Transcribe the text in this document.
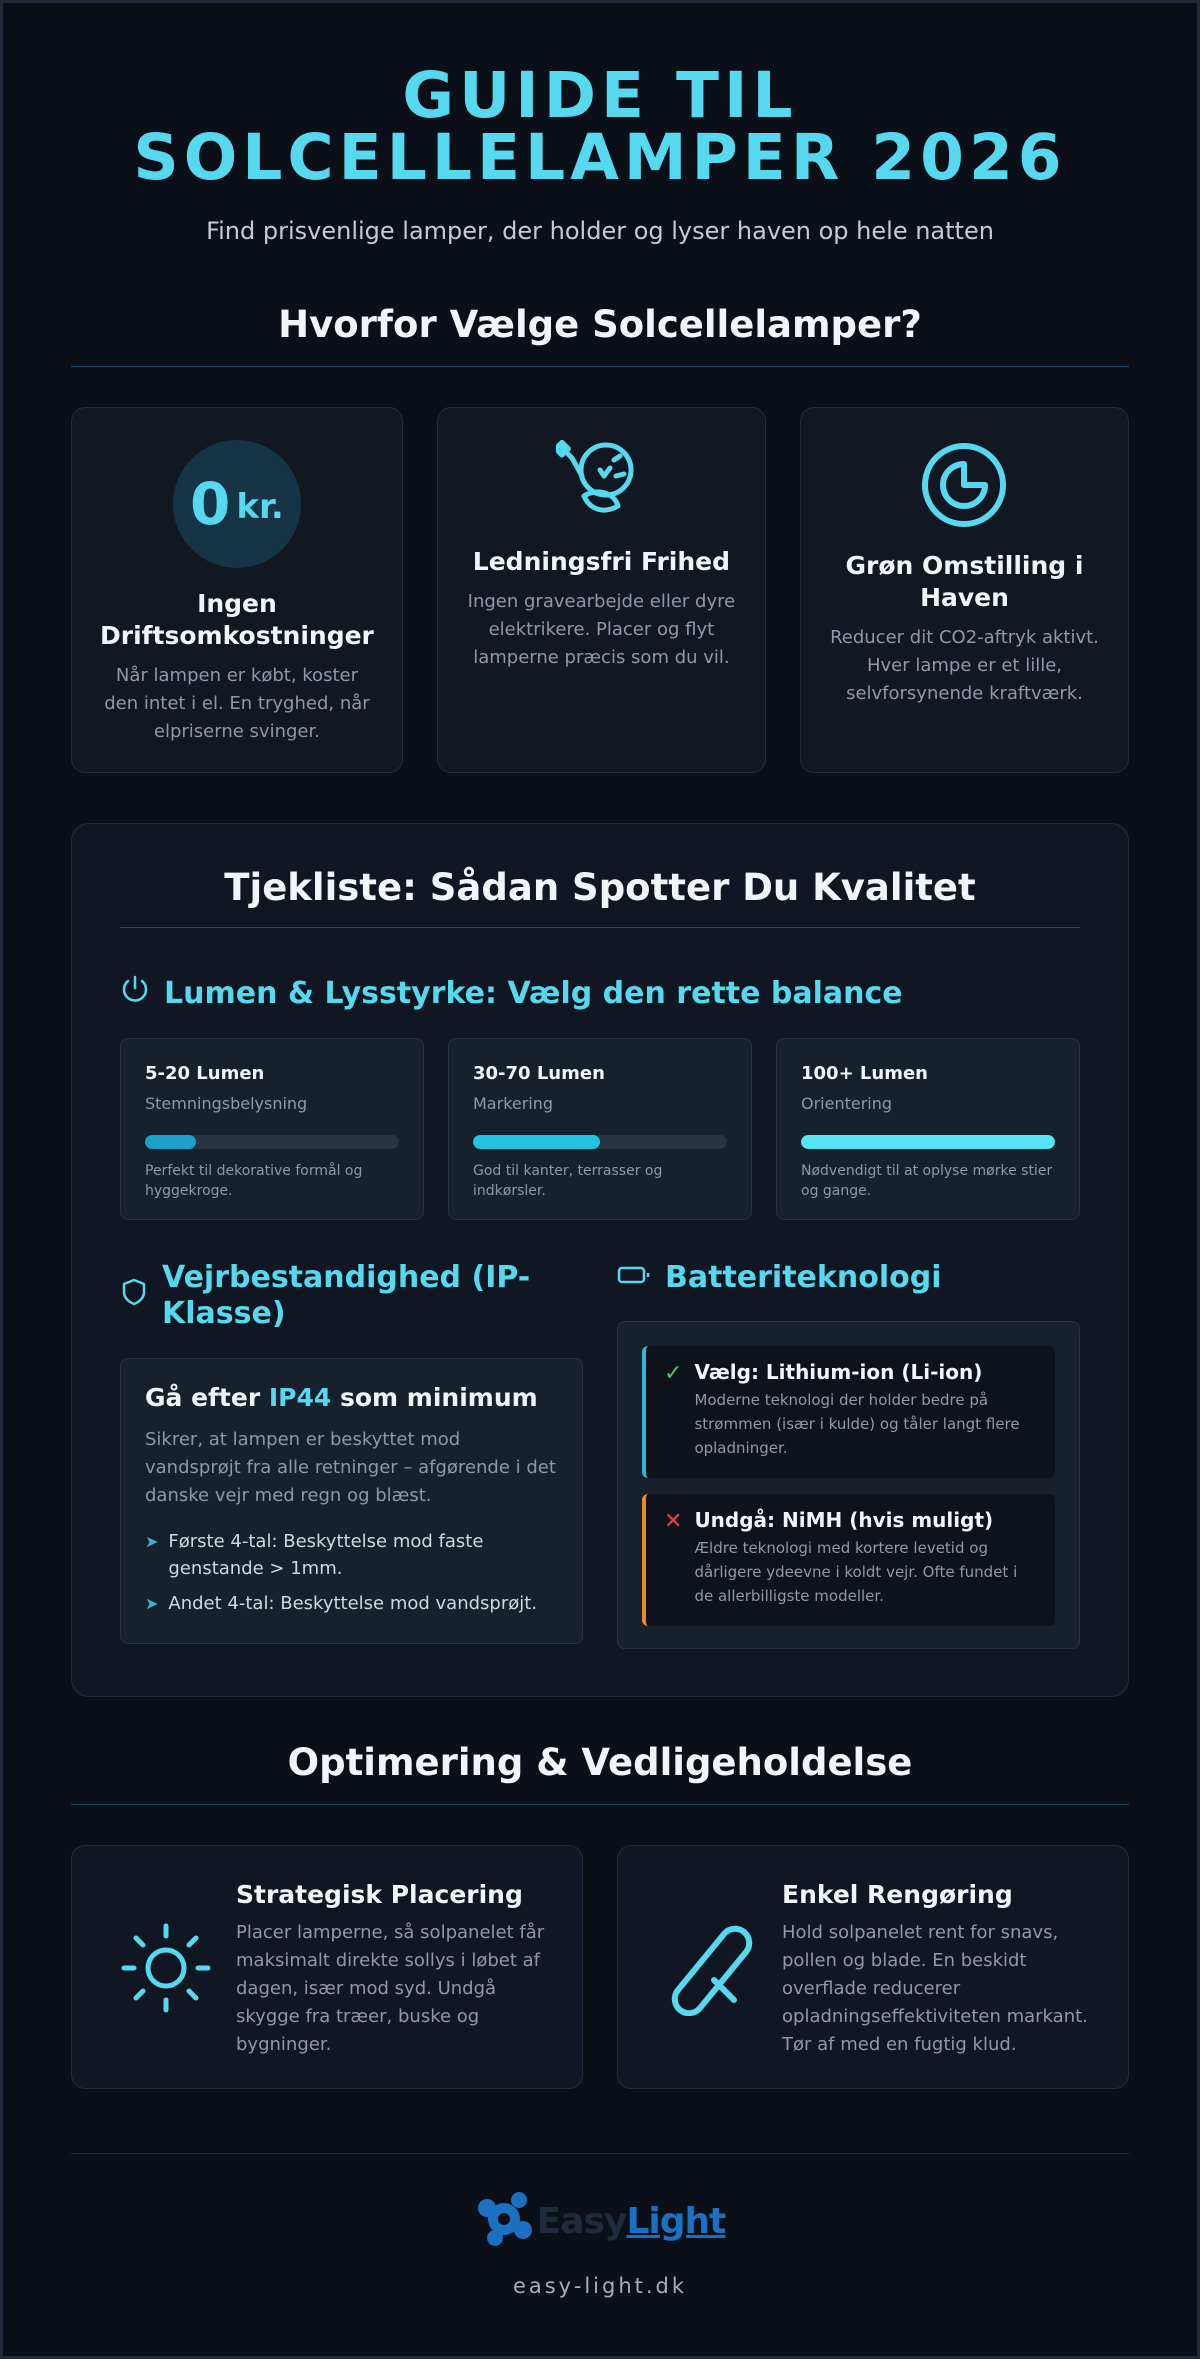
GUIDE TIL SOLCELLELAMPER 2026

Find prisvenlige lamper, der holder og lyser haven op hele natten

Hvorfor Vælge Solcellelamper?
0 kr.
Ingen Driftsomkostninger

Når lampen er købt, koster den intet i el. En tryghed, når elpriserne svinger.

Ledningsfri Frihed

Ingen gravearbejde eller dyre elektrikere. Placer og flyt lamperne præcis som du vil.

Grøn Omstilling i Haven

Reducer dit CO2-aftryk aktivt. Hver lampe er et lille, selvforsynende kraftværk.

Tjekliste: Sådan Spotter Du Kvalitet
Lumen & Lysstyrke: Vælg den rette balance
5-20 Lumen
Stemningsbelysning
Perfekt til dekorative formål og hyggekroge.
30-70 Lumen
Markering
God til kanter, terrasser og indkørsler.
100+ Lumen
Orientering
Nødvendigt til at oplyse mørke stier og gange.
Vejrbestandighed (IP-Klasse)
Gå efter IP44 som minimum

Sikrer, at lampen er beskyttet mod vandsprøjt fra alle retninger – afgørende i det danske vejr med regn og blæst.

➤ Første 4-tal: Beskyttelse mod faste genstande > 1mm.
➤ Andet 4-tal: Beskyttelse mod vandsprøjt.
Batteriteknologi
✓ Vælg: Lithium-ion (Li-ion)
Moderne teknologi der holder bedre på strømmen (især i kulde) og tåler langt flere opladninger.
✕ Undgå: NiMH (hvis muligt)
Ældre teknologi med kortere levetid og dårligere ydeevne i koldt vejr. Ofte fundet i de allerbilligste modeller.
Optimering & Vedligeholdelse
Strategisk Placering

Placer lamperne, så solpanelet får maksimalt direkte sollys i løbet af dagen, især mod syd. Undgå skygge fra træer, buske og bygninger.

Enkel Rengøring

Hold solpanelet rent for snavs, pollen og blade. En beskidt overflade reducerer opladningseffektiviteten markant. Tør af med en fugtig klud.

EasyLight
easy-light.dk
